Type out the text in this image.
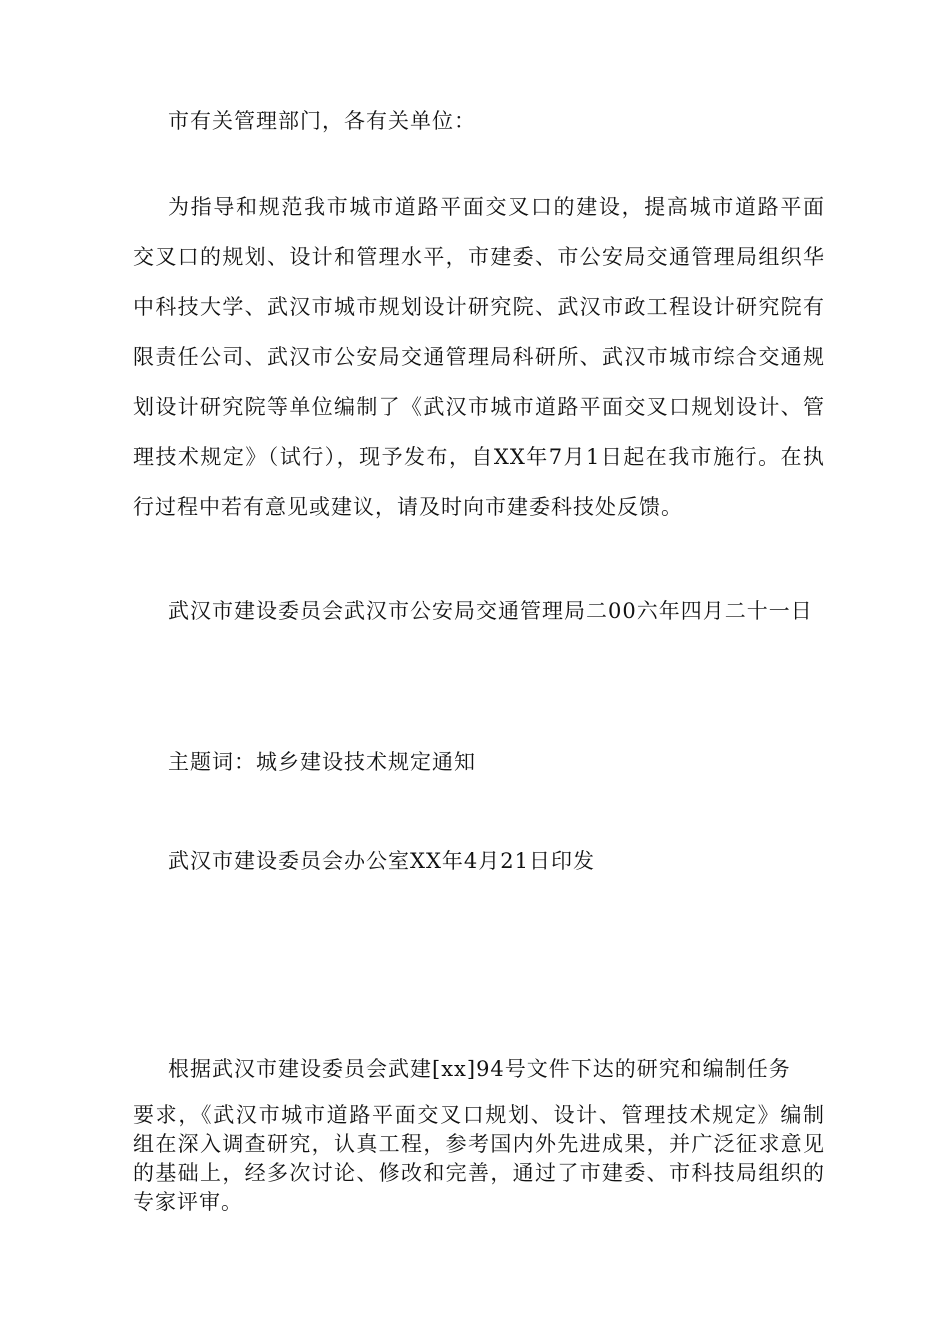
市有关管理部门，各有关单位：

为指导和规范我市城市道路平面交叉口的建设，提高城市道路平面交叉口的规划、设计和管理水平，市建委、市公安局交通管理局组织华中科技大学、武汉市城市规划设计研究院、武汉市政工程设计研究院有限责任公司、武汉市公安局交通管理局科研所、武汉市城市综合交通规划设计研究院等单位编制了《武汉市城市道路平面交叉口规划设计、管理技术规定》（试行），现予发布，自XX年7月1日起在我市施行。在执行过程中若有意见或建议，请及时向市建委科技处反馈。

武汉市建设委员会武汉市公安局交通管理局二00六年四月二十一日

主题词：城乡建设技术规定通知

武汉市建设委员会办公室XX年4月21日印发

根据武汉市建设委员会武建[xx]94号文件下达的研究和编制任务

要求，《武汉市城市道路平面交叉口规划、设计、管理技术规定》编制组在深入调查研究，认真工程，参考国内外先进成果，并广泛征求意见的基础上，经多次讨论、修改和完善，通过了市建委、市科技局组织的专家评审。
